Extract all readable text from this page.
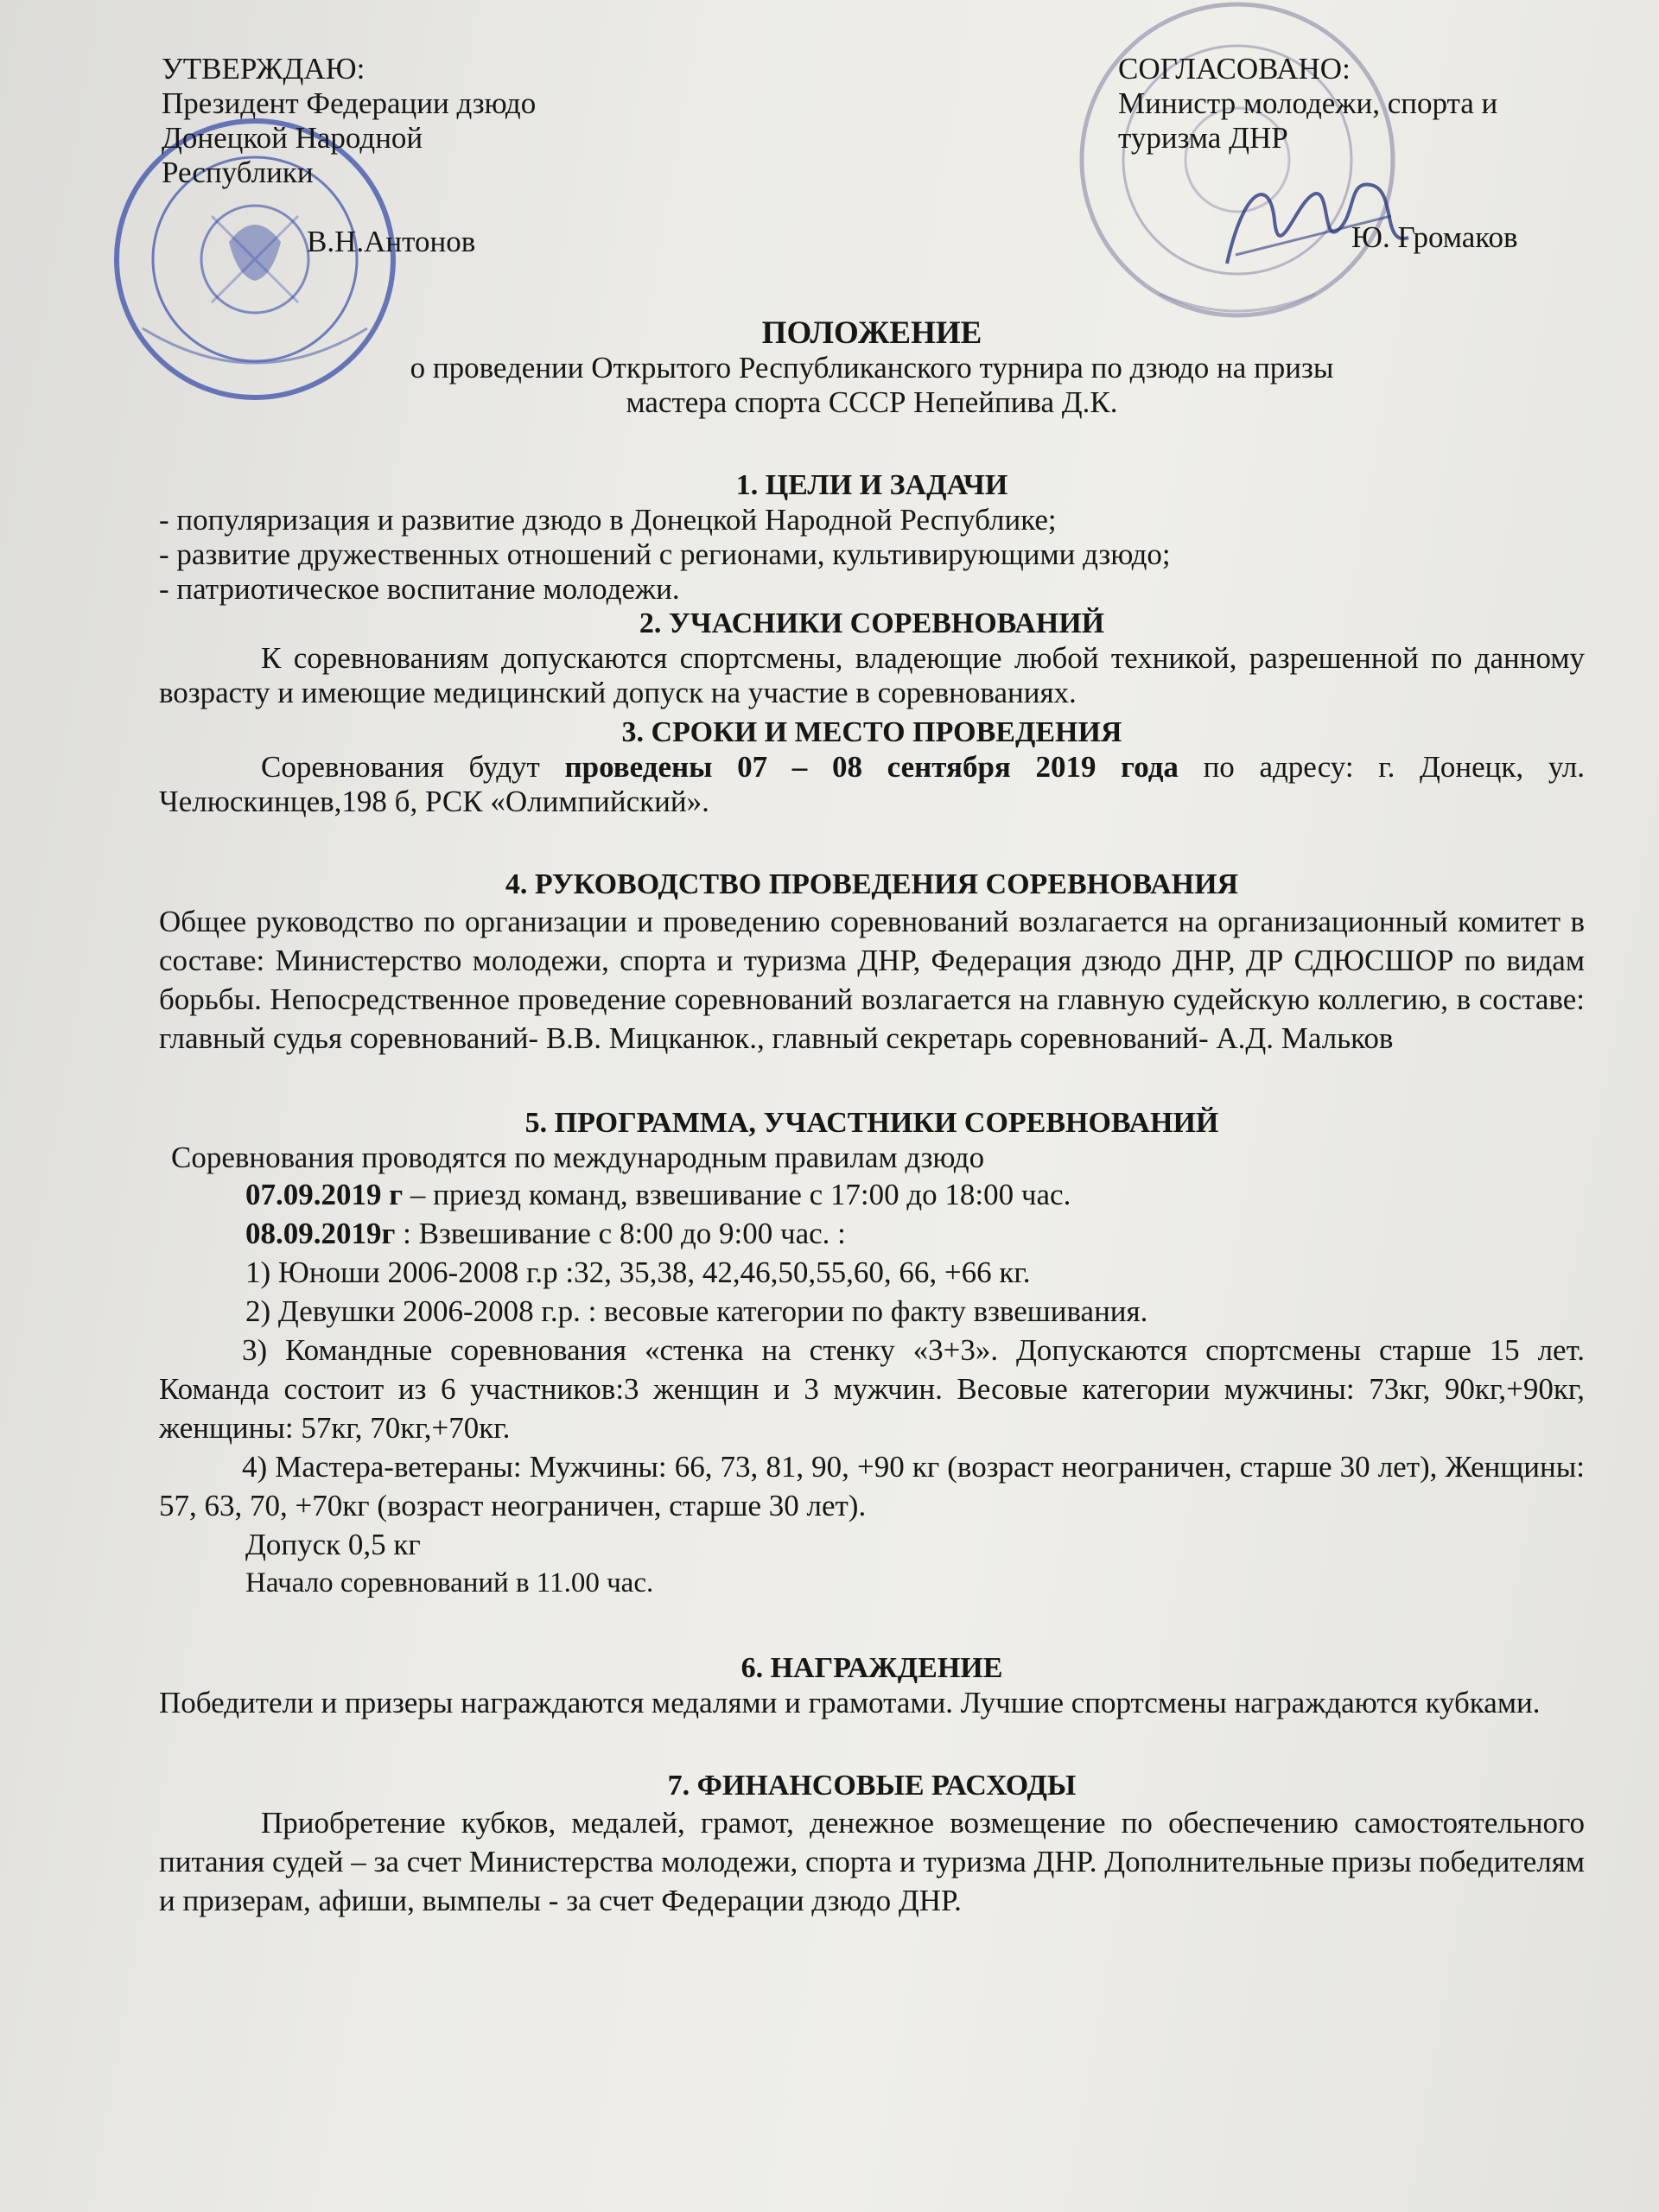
УТВЕРЖДАЮ:
Президент Федерации дзюдо
Донецкой Народной
Республики
В.Н.Антонов
СОГЛАСОВАНО:
Министр молодежи, спорта и
туризма ДНР
Ю. Громаков

ПОЛОЖЕНИЕ

о проведении Открытого Республиканского турнира по дзюдо на призы

мастера спорта СССР Непейпива Д.К.

1. ЦЕЛИ И ЗАДАЧИ

- популяризация и развитие дзюдо в Донецкой Народной Республике;

- развитие дружественных отношений с регионами, культивирующими дзюдо;

- патриотическое воспитание молодежи.

2. УЧАСНИКИ СОРЕВНОВАНИЙ

К соревнованиям допускаются спортсмены, владеющие любой техникой, разрешенной по данному возрасту и имеющие медицинский допуск на участие в соревнованиях.

3. СРОКИ И МЕСТО ПРОВЕДЕНИЯ

Соревнования будут проведены 07 – 08 сентября 2019 года по адресу: г. Донецк, ул. Челюскинцев,198 б, РСК «Олимпийский».

4. РУКОВОДСТВО ПРОВЕДЕНИЯ СОРЕВНОВАНИЯ

Общее руководство по организации и проведению соревнований возлагается на организационный комитет в составе: Министерство молодежи, спорта и туризма ДНР, Федерация дзюдо ДНР, ДР СДЮСШОР по видам борьбы. Непосредственное проведение соревнований возлагается на главную судейскую коллегию, в составе: главный судья соревнований- В.В. Мицканюк., главный секретарь соревнований- А.Д. Мальков

5. ПРОГРАММА, УЧАСТНИКИ СОРЕВНОВАНИЙ

Соревнования проводятся по международным правилам дзюдо

07.09.2019 г – приезд команд, взвешивание с 17:00 до 18:00 час.

08.09.2019г : Взвешивание с 8:00 до 9:00 час. :

1) Юноши 2006-2008 г.р :32, 35,38, 42,46,50,55,60, 66, +66 кг.

2) Девушки 2006-2008 г.р. : весовые категории по факту взвешивания.

3) Командные соревнования «стенка на стенку «3+3». Допускаются спортсмены старше 15 лет. Команда состоит из 6 участников:3 женщин и 3 мужчин. Весовые категории мужчины: 73кг, 90кг,+90кг, женщины: 57кг, 70кг,+70кг.

4) Мастера-ветераны: Мужчины: 66, 73, 81, 90, +90 кг (возраст неограничен, старше 30 лет), Женщины: 57, 63, 70, +70кг (возраст неограничен, старше 30 лет).

Допуск 0,5 кг

Начало соревнований в 11.00 час.

6. НАГРАЖДЕНИЕ

Победители и призеры награждаются медалями и грамотами. Лучшие спортсмены награждаются кубками.

7. ФИНАНСОВЫЕ РАСХОДЫ

Приобретение кубков, медалей, грамот, денежное возмещение по обеспечению самостоятельного питания судей – за счет Министерства молодежи, спорта и туризма ДНР. Дополнительные призы победителям и призерам, афиши, вымпелы - за счет Федерации дзюдо ДНР.
